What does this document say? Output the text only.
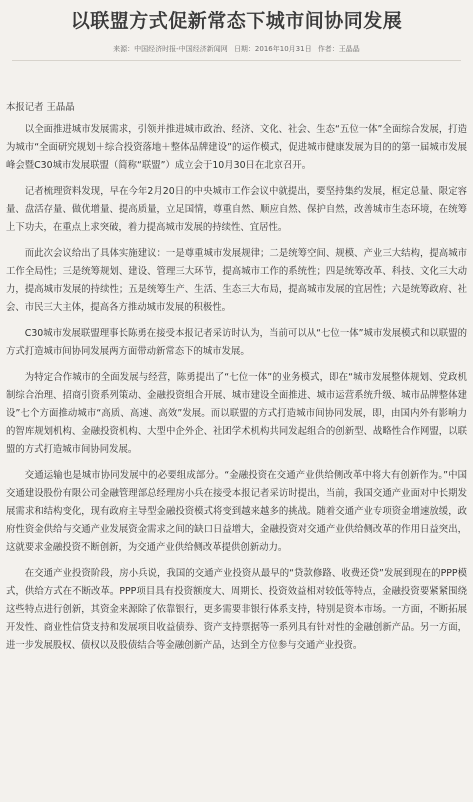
以联盟方式促新常态下城市间协同发展
来源：中国经济时报-中国经济新闻网 日期：2016年10月31日 作者：王晶晶

本报记者 王晶晶

以全面推进城市发展需求，引领并推进城市政治、经济、文化、社会、生态“五位一体”全面综合发展，打造为城市“全面研究规划＋综合投资落地＋整体品牌建设”的运作模式，促进城市健康发展为目的的第一届城市发展峰会暨C30城市发展联盟（简称“联盟”）成立会于10月30日在北京召开。

记者梳理资料发现，早在今年2月20日的中央城市工作会议中就提出，要坚持集约发展，框定总量、限定容量、盘活存量、做优增量、提高质量，立足国情，尊重自然、顺应自然、保护自然，改善城市生态环境，在统筹上下功夫，在重点上求突破，着力提高城市发展的持续性、宜居性。

而此次会议给出了具体实施建议：一是尊重城市发展规律；二是统筹空间、规模、产业三大结构，提高城市工作全局性；三是统筹规划、建设、管理三大环节，提高城市工作的系统性；四是统筹改革、科技、文化三大动力，提高城市发展的持续性；五是统筹生产、生活、生态三大布局，提高城市发展的宜居性；六是统筹政府、社会、市民三大主体，提高各方推动城市发展的积极性。

C30城市发展联盟理事长陈勇在接受本报记者采访时认为，当前可以从“七位一体”城市发展模式和以联盟的方式打造城市间协同发展两方面带动新常态下的城市发展。

为特定合作城市的全面发展与经营，陈勇提出了“七位一体”的业务模式，即在“城市发展整体规划、党政机制综合治理、招商引资系列策动、金融投资组合开展、城市建设全面推进、城市运营系统升级、城市品牌整体建设”七个方面推动城市“高质、高速、高效”发展。而以联盟的方式打造城市间协同发展，即，由国内外有影响力的智库规划机构、金融投资机构、大型中企外企、社团学术机构共同发起组合的创新型、战略性合作网盟，以联盟的方式打造城市间协同发展。

交通运输也是城市协同发展中的必要组成部分。“金融投资在交通产业供给侧改革中将大有创新作为。”中国交通建设股份有限公司金融管理部总经理房小兵在接受本报记者采访时提出，当前，我国交通产业面对中长期发展需求和结构变化，现有政府主导型金融投资模式将变到越来越多的挑战。随着交通产业专项资金增速放缓，政府性资金供给与交通产业发展资金需求之间的缺口日益增大，金融投资对交通产业供给侧改革的作用日益突出，这就要求金融投资不断创新，为交通产业供给侧改革提供创新动力。

在交通产业投资阶段，房小兵说，我国的交通产业投资从最早的“贷款修路、收费还贷”发展到现在的PPP模式，供给方式在不断改革。PPP项目具有投资额度大、周期长、投资效益相对较低等特点，金融投资要紧紧围绕这些特点进行创新，其资金来源除了依靠银行，更多需要非银行体系支持，特别是资本市场。一方面，不断拓展开发性、商业性信贷支持和发展项目收益债券、资产支持票据等一系列具有针对性的金融创新产品。另一方面，进一步发展股权、债权以及股债结合等金融创新产品，达到全方位参与交通产业投资。
